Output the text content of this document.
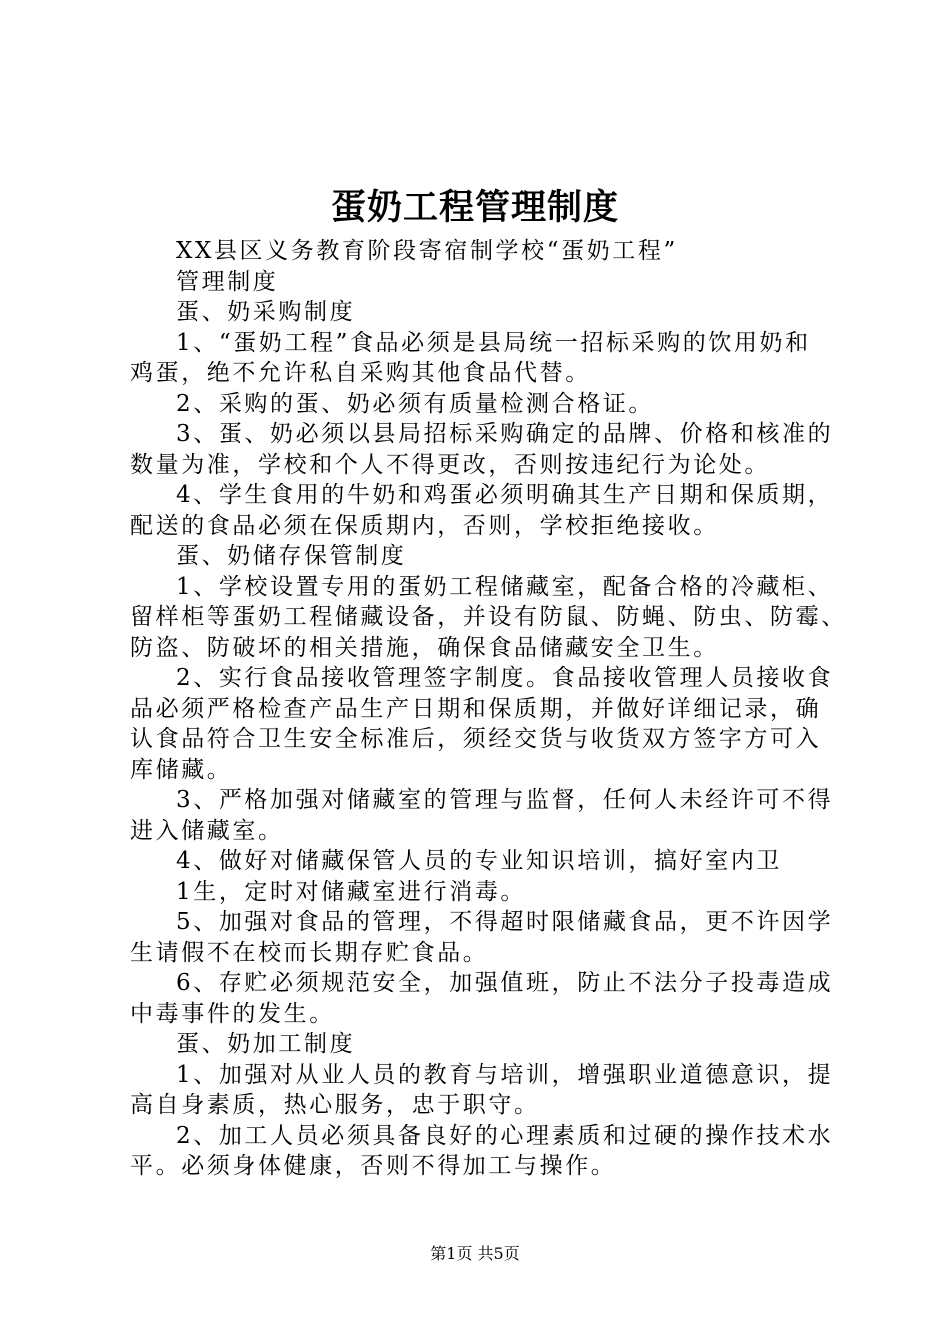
蛋奶工程管理制度
XX县区义务教育阶段寄宿制学校“蛋奶工程”
管理制度
蛋、奶采购制度
1、“蛋奶工程”食品必须是县局统一招标采购的饮用奶和
鸡蛋，绝不允许私自采购其他食品代替。
2、采购的蛋、奶必须有质量检测合格证。
3、蛋、奶必须以县局招标采购确定的品牌、价格和核准的
数量为准，学校和个人不得更改，否则按违纪行为论处。
4、学生食用的牛奶和鸡蛋必须明确其生产日期和保质期，
配送的食品必须在保质期内，否则，学校拒绝接收。
蛋、奶储存保管制度
1、学校设置专用的蛋奶工程储藏室，配备合格的冷藏柜、
留样柜等蛋奶工程储藏设备，并设有防鼠、防蝇、防虫、防霉、
防盗、防破坏的相关措施，确保食品储藏安全卫生。
2、实行食品接收管理签字制度。食品接收管理人员接收食
品必须严格检查产品生产日期和保质期，并做好详细记录，确
认食品符合卫生安全标准后，须经交货与收货双方签字方可入
库储藏。
3、严格加强对储藏室的管理与监督，任何人未经许可不得
进入储藏室。
4、做好对储藏保管人员的专业知识培训，搞好室内卫
1生，定时对储藏室进行消毒。
5、加强对食品的管理，不得超时限储藏食品，更不许因学
生请假不在校而长期存贮食品。
6、存贮必须规范安全，加强值班，防止不法分子投毒造成
中毒事件的发生。
蛋、奶加工制度
1、加强对从业人员的教育与培训，增强职业道德意识，提
高自身素质，热心服务，忠于职守。
2、加工人员必须具备良好的心理素质和过硬的操作技术水
平。必须身体健康，否则不得加工与操作。
第1页 共5页
